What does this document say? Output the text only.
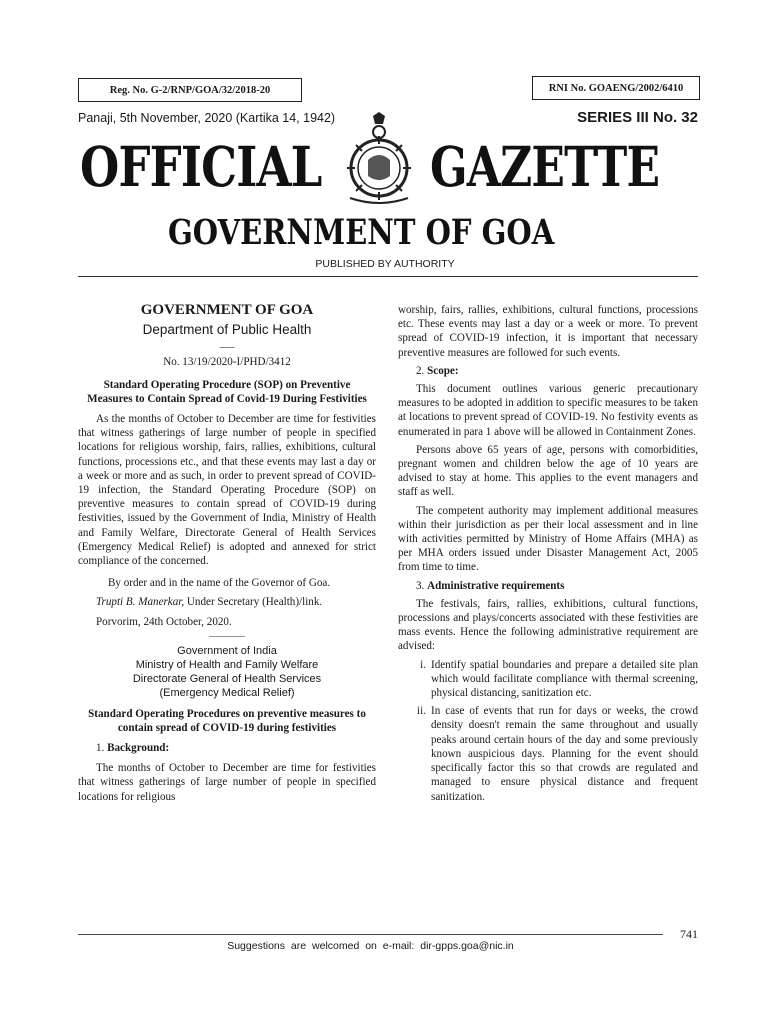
Reg. No. G-2/RNP/GOA/32/2018-20	RNI No. GOAENG/2002/6410
Panaji, 5th November, 2020 (Kartika 14, 1942)	SERIES III No. 32
OFFICIAL GAZETTE
GOVERNMENT OF GOA
PUBLISHED BY AUTHORITY
GOVERNMENT OF GOA
Department of Public Health
___
No. 13/19/2020-I/PHD/3412
Standard Operating Procedure (SOP) on Preventive Measures to Contain Spread of Covid-19 During Festivities

As the months of October to December are time for festivities that witness gatherings of large number of people in specified locations for religious worship, fairs, rallies, exhibitions, cultural functions, processions etc., and that these events may last a day or a week or more and as such, in order to prevent spread of COVID-19 infection, the Standard Operating Procedure (SOP) on preventive measures to contain spread of COVID-19 during festivities, issued by the Government of India, Ministry of Health and Family Welfare, Directorate General of Health Services (Emergency Medical Relief) is adopted and annexed for strict compliance of the concerned.

By order and in the name of the Governor of Goa.

Trupti B. Manerkar, Under Secretary (Health)/link.

Porvorim, 24th October, 2020.

________
Government of India
Ministry of Health and Family Welfare
Directorate General of Health Services
(Emergency Medical Relief)
Standard Operating Procedures on preventive measures to contain spread of COVID-19 during festivities
1. Background:

The months of October to December are time for festivities that witness gatherings of large number of people in specified locations for religious

worship, fairs, rallies, exhibitions, cultural functions, processions etc. These events may last a day or a week or more. To prevent spread of COVID-19 infection, it is important that necessary preventive measures are followed for such events.

2. Scope:

This document outlines various generic precautionary measures to be adopted in addition to specific measures to be taken at locations to prevent spread of COVID-19. No festivity events as enumerated in para 1 above will be allowed in Containment Zones.

Persons above 65 years of age, persons with comorbidities, pregnant women and children below the age of 10 years are advised to stay at home. This applies to the event managers and staff as well.

The competent authority may implement additional measures within their jurisdiction as per their local assessment and in line with activities permitted by Ministry of Home Affairs (MHA) as per MHA orders issued under Disaster Management Act, 2005 from time to time.

3. Administrative requirements

The festivals, fairs, rallies, exhibitions, cultural functions, processions and plays/concerts associated with these festivities are mass events. Hence the following administrative requirement are advised:

i. Identify spatial boundaries and prepare a detailed site plan which would facilitate compliance with thermal screening, physical distancing, sanitization etc.
ii. In case of events that run for days or weeks, the crowd density doesn't remain the same throughout and usually peaks around certain hours of the day and some previously known auspicious days. Planning for the event should specifically factor this so that crowds are regulated and managed to ensure physical distance and frequent sanitization.
741
Suggestions are welcomed on e-mail: dir-gpps.goa@nic.in
